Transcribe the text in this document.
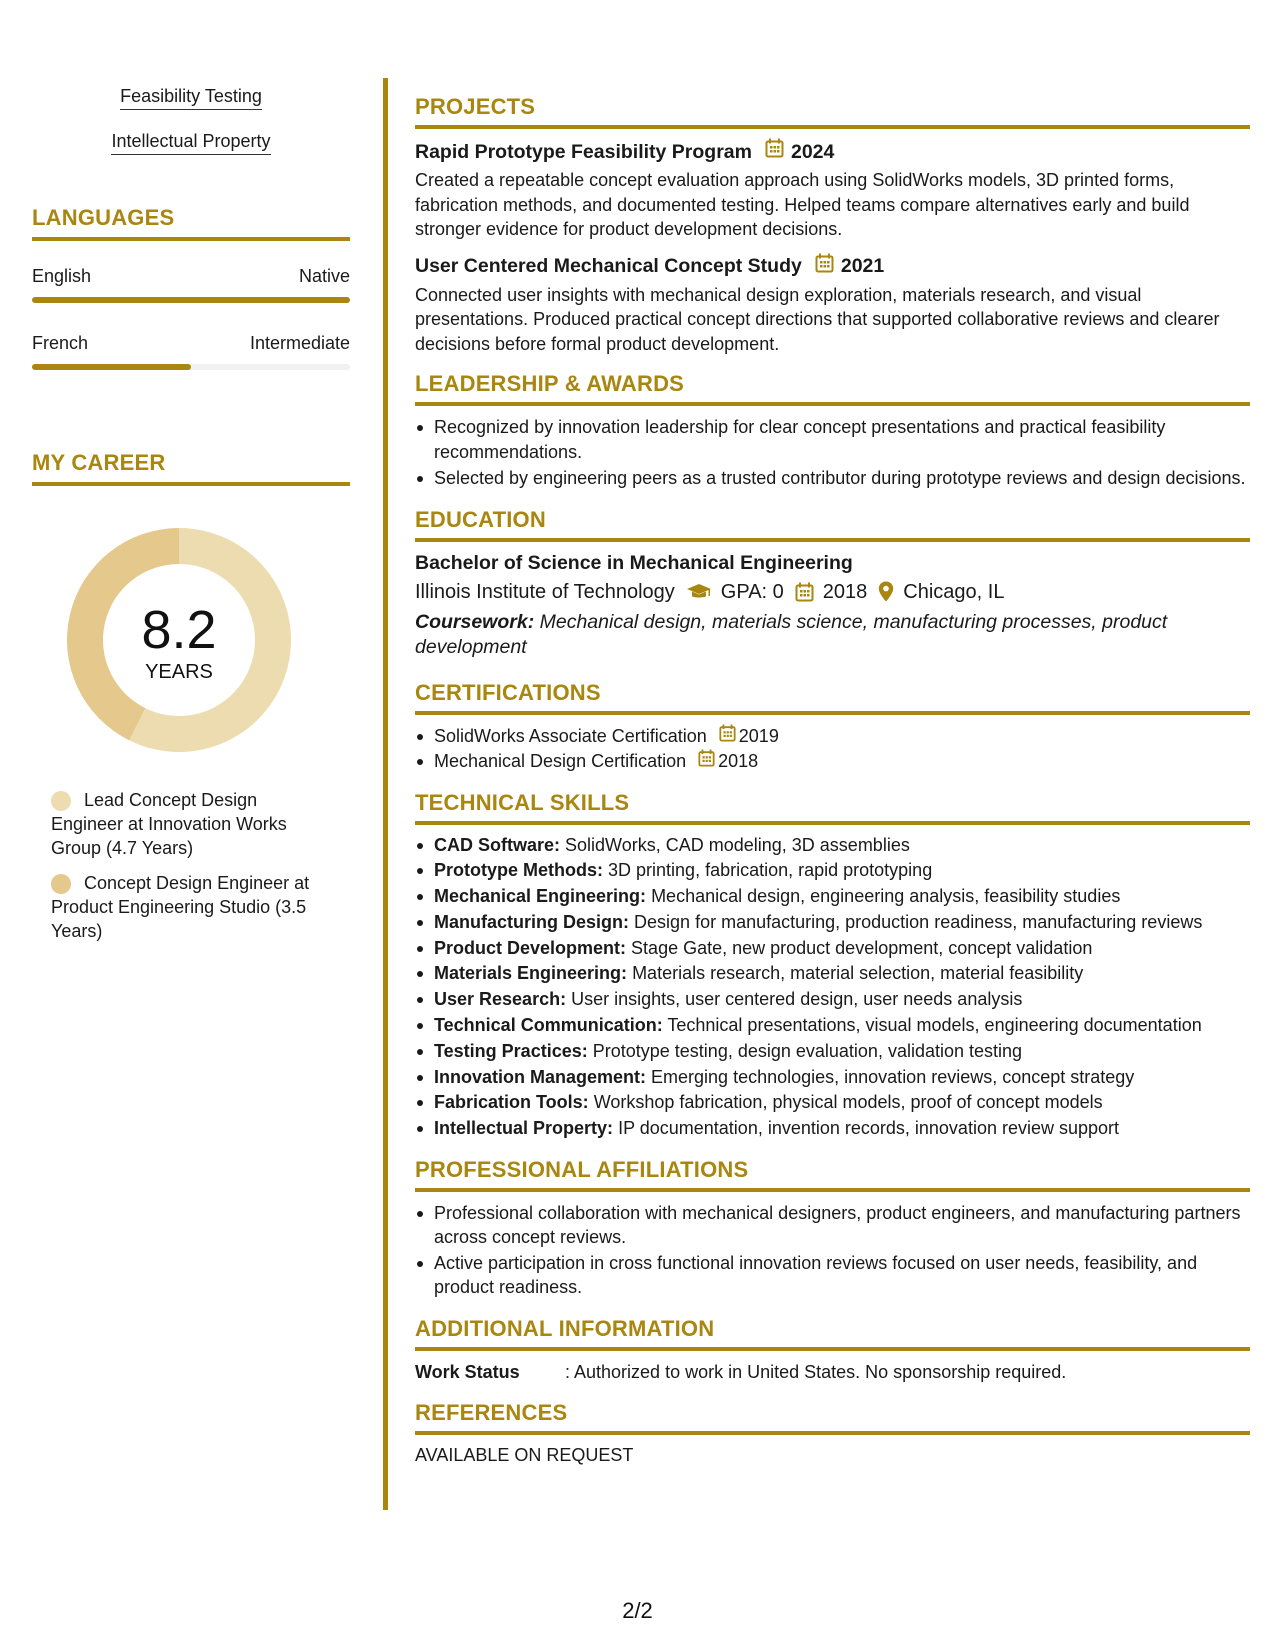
Feasibility Testing
Intellectual Property
LANGUAGES
English	Native
French	Intermediate
MY CAREER
8.2
YEARS
Lead Concept Design Engineer at Innovation Works Group (4.7 Years)
Concept Design Engineer at Product Engineering Studio (3.5 Years)
PROJECTS
Rapid Prototype Feasibility Program 2024
Created a repeatable concept evaluation approach using SolidWorks models, 3D printed forms, fabrication methods, and documented testing. Helped teams compare alternatives early and build stronger evidence for product development decisions.
User Centered Mechanical Concept Study 2021
Connected user insights with mechanical design exploration, materials research, and visual presentations. Produced practical concept directions that supported collaborative reviews and clearer decisions before formal product development.
LEADERSHIP & AWARDS
Recognized by innovation leadership for clear concept presentations and practical feasibility recommendations.
Selected by engineering peers as a trusted contributor during prototype reviews and design decisions.
EDUCATION
Bachelor of Science in Mechanical Engineering
Illinois Institute of Technology GPA: 0 2018 Chicago, IL
Coursework: Mechanical design, materials science, manufacturing processes, product development
CERTIFICATIONS
SolidWorks Associate Certification 2019
Mechanical Design Certification 2018
TECHNICAL SKILLS
CAD Software: SolidWorks, CAD modeling, 3D assemblies
Prototype Methods: 3D printing, fabrication, rapid prototyping
Mechanical Engineering: Mechanical design, engineering analysis, feasibility studies
Manufacturing Design: Design for manufacturing, production readiness, manufacturing reviews
Product Development: Stage Gate, new product development, concept validation
Materials Engineering: Materials research, material selection, material feasibility
User Research: User insights, user centered design, user needs analysis
Technical Communication: Technical presentations, visual models, engineering documentation
Testing Practices: Prototype testing, design evaluation, validation testing
Innovation Management: Emerging technologies, innovation reviews, concept strategy
Fabrication Tools: Workshop fabrication, physical models, proof of concept models
Intellectual Property: IP documentation, invention records, innovation review support
PROFESSIONAL AFFILIATIONS
Professional collaboration with mechanical designers, product engineers, and manufacturing partners across concept reviews.
Active participation in cross functional innovation reviews focused on user needs, feasibility, and product readiness.
ADDITIONAL INFORMATION
Work Status	: Authorized to work in United States. No sponsorship required.
REFERENCES
AVAILABLE ON REQUEST
2/2
